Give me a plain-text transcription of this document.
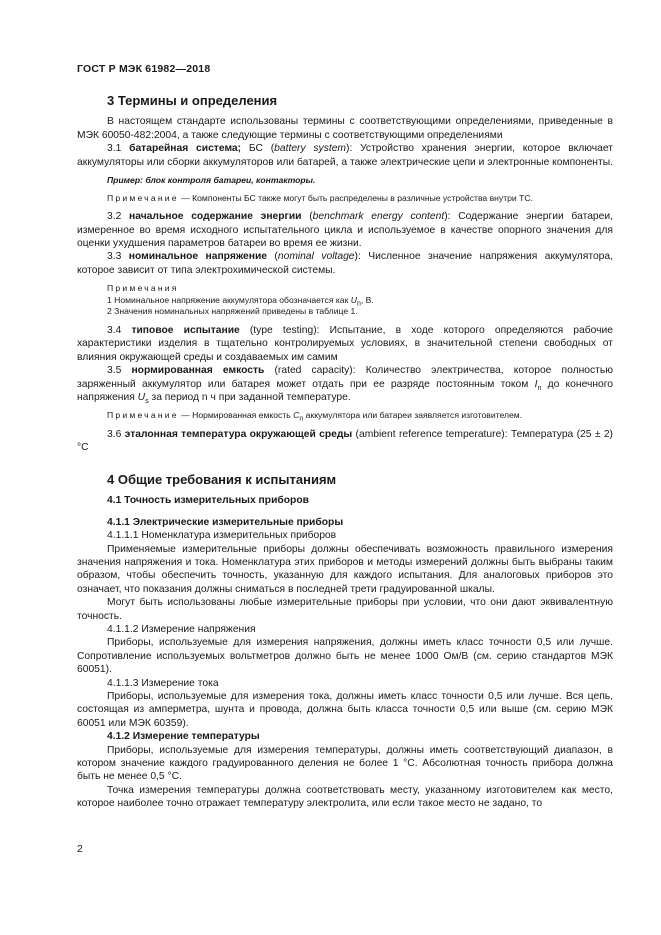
ГОСТ Р МЭК 61982—2018

3 Термины и определения

В настоящем стандарте использованы термины с соответствующими определениями, приведенные в МЭК 60050-482:2004, а также следующие термины с соответствующими определениями

3.1 батарейная система; БС (battery system): Устройство хранения энергии, которое включает аккумуляторы или сборки аккумуляторов или батарей, а также электрические цепи и электронные компоненты.

Пример: блок контроля батареи, контакторы.

Примечание — Компоненты БС также могут быть распределены в различные устройства внутри ТС.

3.2 начальное содержание энергии (benchmark energy content): Содержание энергии батареи, измеренное во время исходного испытательного цикла и используемое в качестве опорного значения для оценки ухудшения параметров батареи во время ее жизни.

3.3 номинальное напряжение (nominal voltage): Численное значение напряжения аккумулятора, которое зависит от типа электрохимической системы.

Примечания

1 Номинальное напряжение аккумулятора обозначается как $U_n$, В.

2 Значения номинальных напряжений приведены в таблице 1.

3.4 типовое испытание (type testing): Испытание, в ходе которого определяются рабочие характеристики изделия в тщательно контролируемых условиях, в значительной степени свободных от влияния окружающей среды и создаваемых им самим

3.5 нормированная емкость (rated capacity): Количество электричества, которое полностью заряженный аккумулятор или батарея может отдать при ее разряде постоянным током $I_n$ до конечного напряжения $U_s$ за период n ч при заданной температуре.

Примечание — Нормированная емкость $C_n$ аккумулятора или батареи заявляется изготовителем.

3.6 эталонная температура окружающей среды (ambient reference temperature): Температура (25 ± 2) °С

4 Общие требования к испытаниям

4.1 Точность измерительных приборов

4.1.1 Электрические измерительные приборы

4.1.1.1 Номенклатура измерительных приборов

Применяемые измерительные приборы должны обеспечивать возможность правильного измерения значения напряжения и тока. Номенклатура этих приборов и методы измерений должны быть выбраны таким образом, чтобы обеспечить точность, указанную для каждого испытания. Для аналоговых приборов это означает, что показания должны сниматься в последней трети градуированной шкалы.

Могут быть использованы любые измерительные приборы при условии, что они дают эквивалентную точность.

4.1.1.2 Измерение напряжения

Приборы, используемые для измерения напряжения, должны иметь класс точности 0,5 или лучше. Сопротивление используемых вольтметров должно быть не менее 1000 Ом/В (см. серию стандартов МЭК 60051).

4.1.1.3 Измерение тока

Приборы, используемые для измерения тока, должны иметь класс точности 0,5 или лучше. Вся цепь, состоящая из амперметра, шунта и провода, должна быть класса точности 0,5 или выше (см. серию МЭК 60051 или МЭК 60359).

4.1.2 Измерение температуры

Приборы, используемые для измерения температуры, должны иметь соответствующий диапазон, в котором значение каждого градуированного деления не более 1 °С. Абсолютная точность прибора должна быть не менее 0,5 °С.

Точка измерения температуры должна соответствовать месту, указанному изготовителем как место, которое наиболее точно отражает температуру электролита, или если такое место не задано, то

2
